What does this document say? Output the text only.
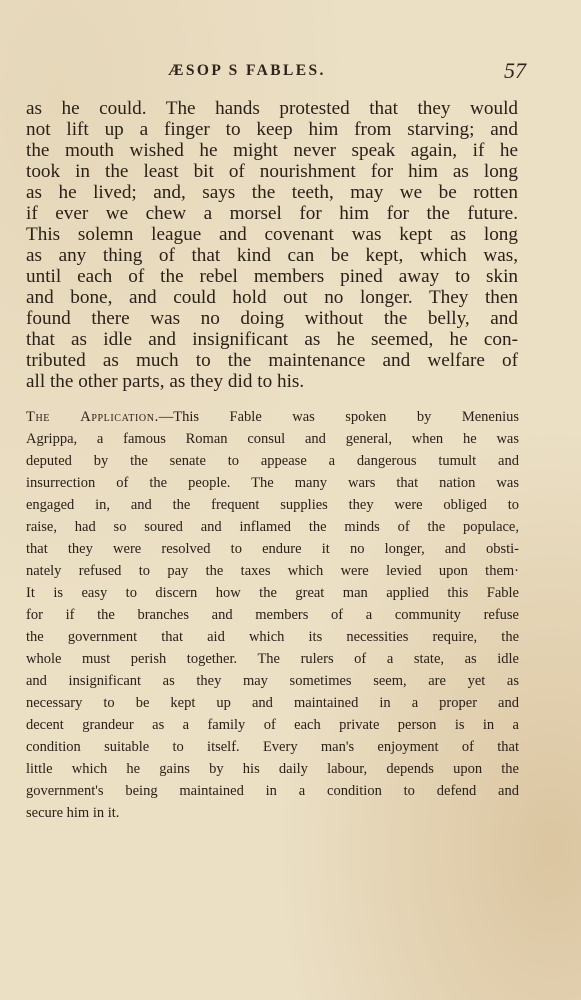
ÆSOP S FABLES.	57
as he could. The hands protested that they would
not lift up a finger to keep him from starving; and
the mouth wished he might never speak again, if he
took in the least bit of nourishment for him as long
as he lived; and, says the teeth, may we be rotten
if ever we chew a morsel for him for the future.
This solemn league and covenant was kept as long
as any thing of that kind can be kept, which was,
until each of the rebel members pined away to skin
and bone, and could hold out no longer. They then
found there was no doing without the belly, and
that as idle and insignificant as he seemed, he con-
tributed as much to the maintenance and welfare of
all the other parts, as they did to his.
The Application.—This Fable was spoken by Menenius
Agrippa, a famous Roman consul and general, when he was
deputed by the senate to appease a dangerous tumult and
insurrection of the people. The many wars that nation was
engaged in, and the frequent supplies they were obliged to
raise, had so soured and inflamed the minds of the populace,
that they were resolved to endure it no longer, and obsti-
nately refused to pay the taxes which were levied upon them·
It is easy to discern how the great man applied this Fable
for if the branches and members of a community refuse
the government that aid which its necessities require, the
whole must perish together. The rulers of a state, as idle
and insignificant as they may sometimes seem, are yet as
necessary to be kept up and maintained in a proper and
decent grandeur as a family of each private person is in a
condition suitable to itself. Every man's enjoyment of that
little which he gains by his daily labour, depends upon the
government's being maintained in a condition to defend and
secure him in it.
